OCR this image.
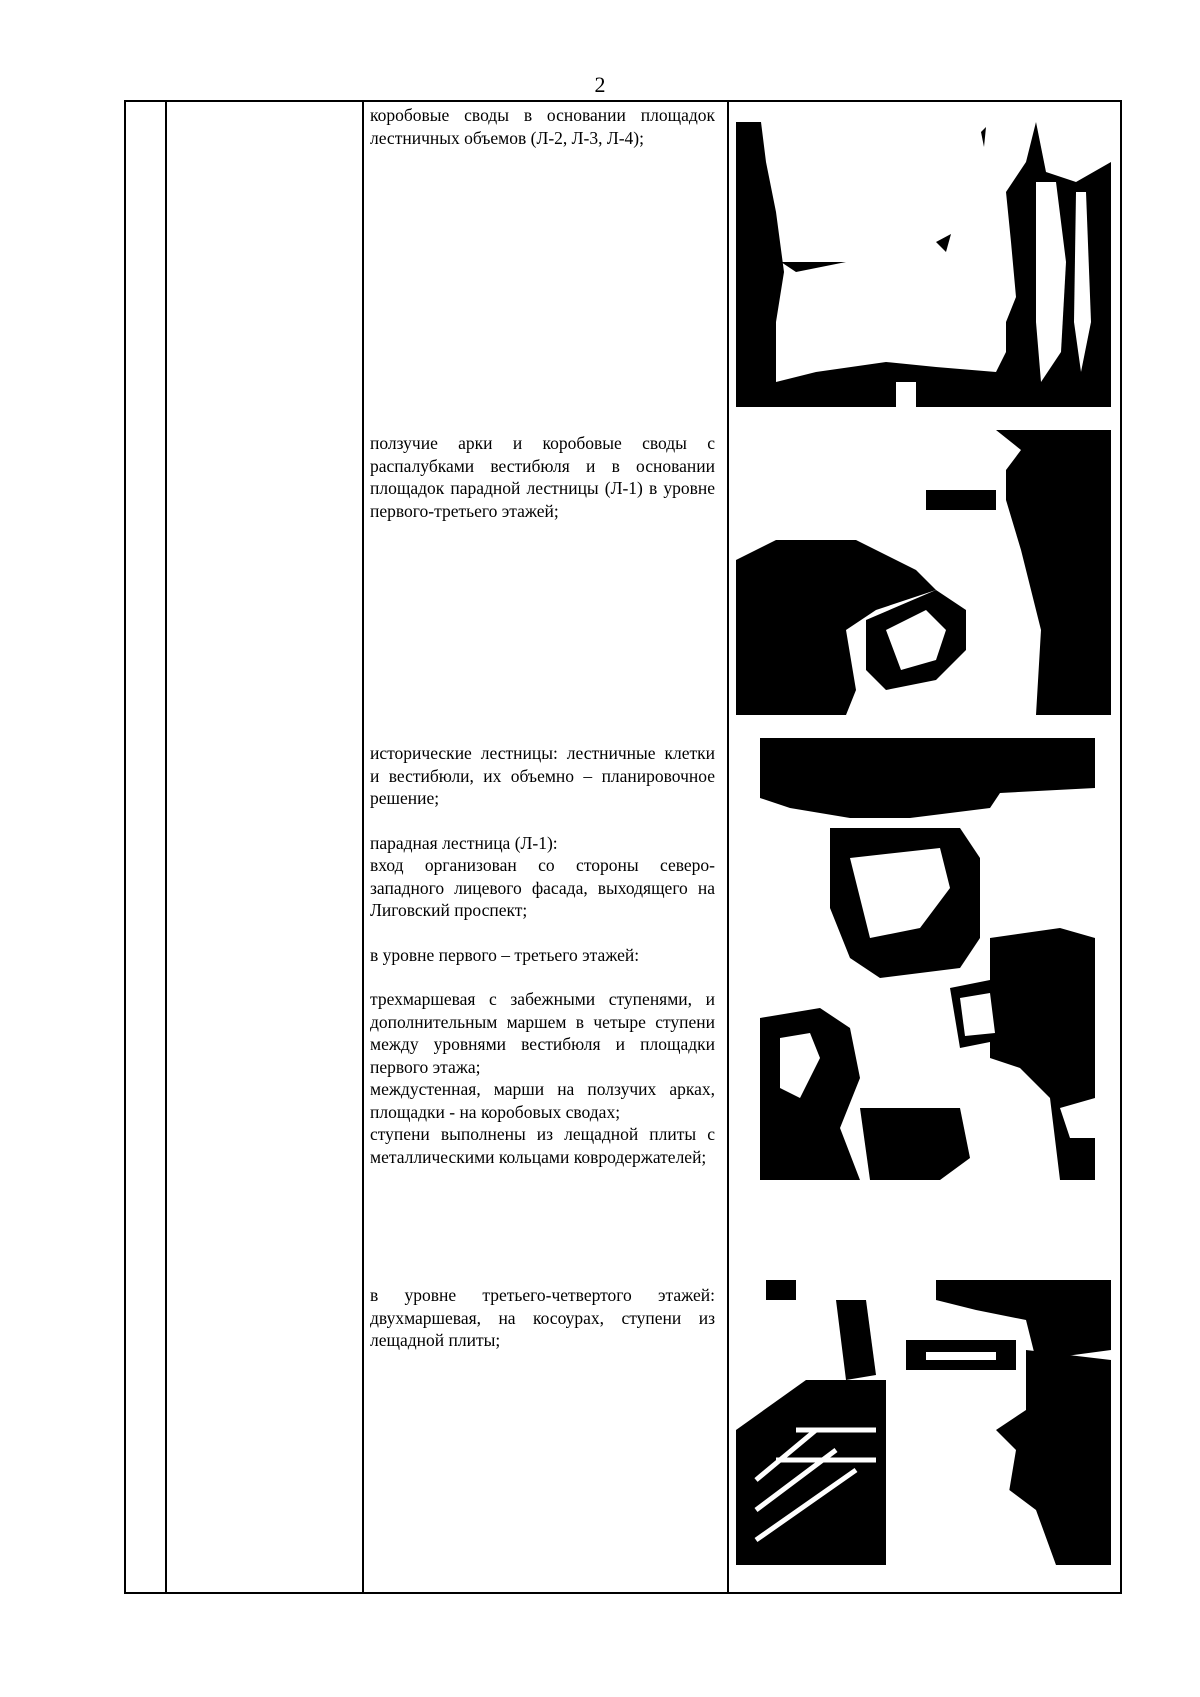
2

коробовые своды в основании площадок лестничных объемов (Л-2, Л-3, Л-4);

ползучие арки и коробовые своды с распалубками вестибюля и в основании площадок парадной лестницы (Л-1) в уровне первого-третьего этажей;

исторические лестницы: лестничные клетки и вестибюли, их объемно – планировочное решение;

парадная лестница (Л-1):

вход организован со стороны северо-западного лицевого фасада, выходящего на Лиговский проспект;

в уровне первого – третьего этажей:

трехмаршевая с забежными ступенями, и дополнительным маршем в четыре ступени между уровнями вестибюля и площадки первого этажа;

междустенная, марши на ползучих арках, площадки - на коробовых сводах;

ступени выполнены из лещадной плиты с металлическими кольцами ковродержателей;

в уровне третьего-четвертого этажей: двухмаршевая, на косоурах, ступени из лещадной плиты;
